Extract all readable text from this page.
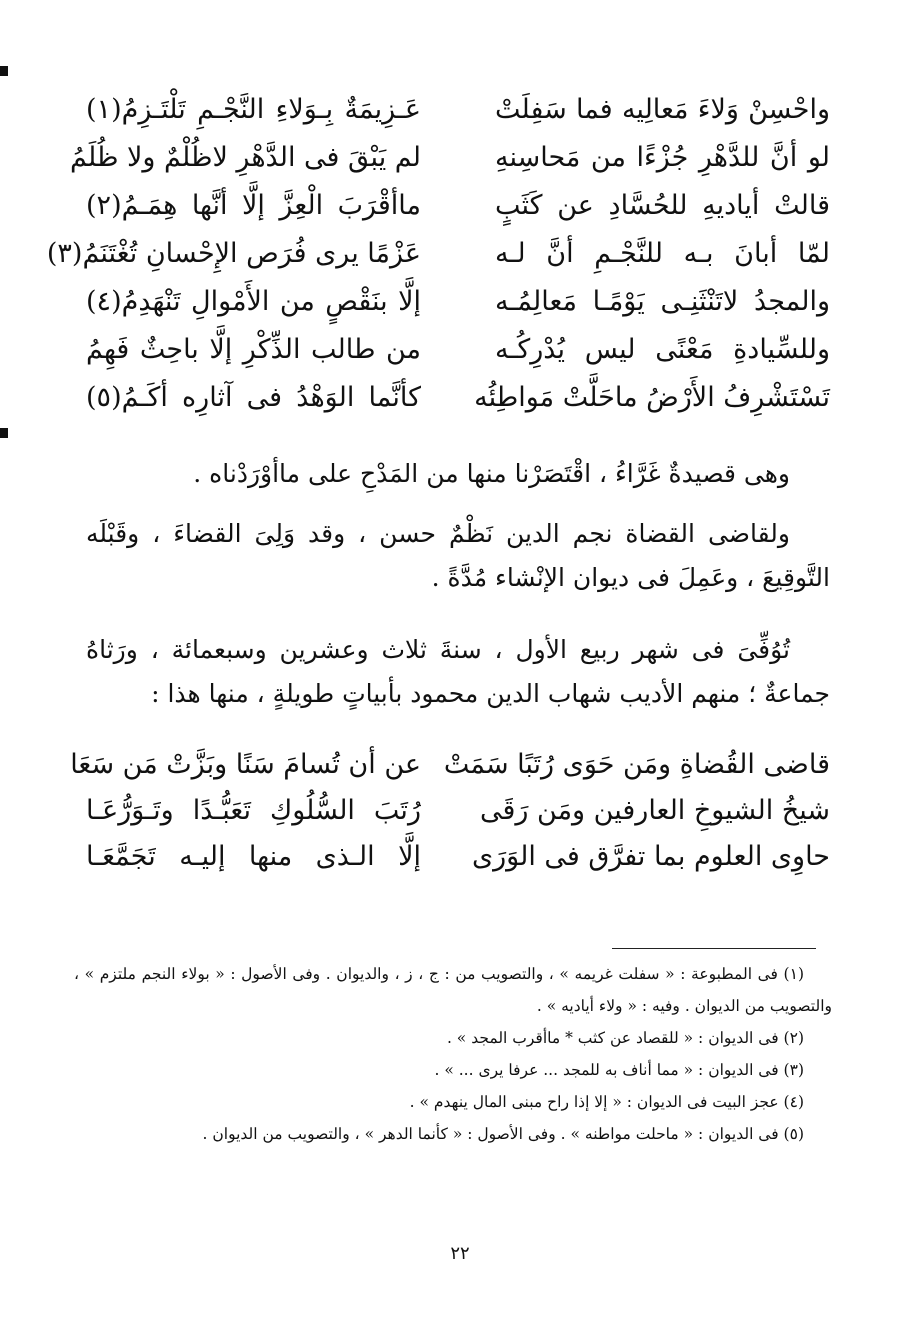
واحْسِنْ وَلاءَ مَعالِيه فما سَفِلَتْ
عَـزِيمَةٌ بِـوَلاءِ النَّجْـمِ تَلْتَـزِمُ(١)
لو أنَّ للدَّهْرِ جُزْءًا من مَحاسِنهِ
لم يَبْقَ فى الدَّهْرِ لاظُلْمٌ ولا ظُلَمُ
قالتْ أياديهِ للحُسَّادِ عن كَثَبٍ
ماأقْرَبَ الْعِزَّ إلَّا أنَّها هِمَـمُ(٢)
لمّا أبانَ بـه للنَّجْـمِ أنَّ لـه
عَزْمًا يرى فُرَص الإِحْسانِ تُغْتَنَمُ(٣)
والمجدُ لاتَنْثَنِـى يَوْمًـا مَعالِمُـه
إلَّا بنَقْصٍ من الأَمْوالِ تَنْهَدِمُ(٤)
وللسِّيادةِ مَعْنًى ليس يُدْرِكُـه
من طالب الذِّكْرِ إلَّا باحِثٌ فَهِمُ
تَسْتَشْرِفُ الأَرْضُ ماحَلَّتْ مَواطِئُه
كأنَّما الوَهْدُ فى آثارِه أكَـمُ(٥)

وهى قصيدةٌ غَرَّاءُ ، اقْتَصَرْنا منها من المَدْحِ على ماأوْرَدْناه .

ولقاضى القضاة نجم الدين نَظْمٌ حسن ، وقد وَلِىَ القضاءَ ، وقَبْلَه التَّوقِيعَ ، وعَمِلَ فى ديوان الإنْشاء مُدَّةً .

تُوُفِّىَ فى شهر ربيع الأول ، سنةَ ثلاث وعشرين وسبعمائة ، ورَثاهُ جماعةٌ ؛ منهم الأديب شهاب الدين محمود بأبياتٍ طويلةٍ ، منها هذا :

قاضى القُضاةِ ومَن حَوَى رُتَبًا سَمَتْ
عن أن تُسامَ سَنًا وبَزَّتْ مَن سَعَا
شيخُ الشيوخِ العارفين ومَن رَقَى
رُتَبَ السُّلُوكِ تَعَبُّـدًا وتَـوَرُّعَـا
حاوِى العلوم بما تفرَّق فى الوَرَى
إلَّا الـذى منها إليـه تَجَمَّعَـا
(١) فى المطبوعة : « سفلت غريمه » ، والتصويب من : ج ، ز ، والديوان . وفى الأصول : « بولاء النجم ملتزم » ، والتصويب من الديوان . وفيه : « ولاء أياديه » .
(٢) فى الديوان : « للقصاد عن كثب * ماأقرب المجد » .
(٣) فى الديوان : « مما أناف به للمجد ... عرفا يرى ... » .
(٤) عجز البيت فى الديوان : « إلا إذا راح مبنى المال ينهدم » .
(٥) فى الديوان : « ماحلت مواطنه » . وفى الأصول : « كأنما الدهر » ، والتصويب من الديوان .
٢٢
